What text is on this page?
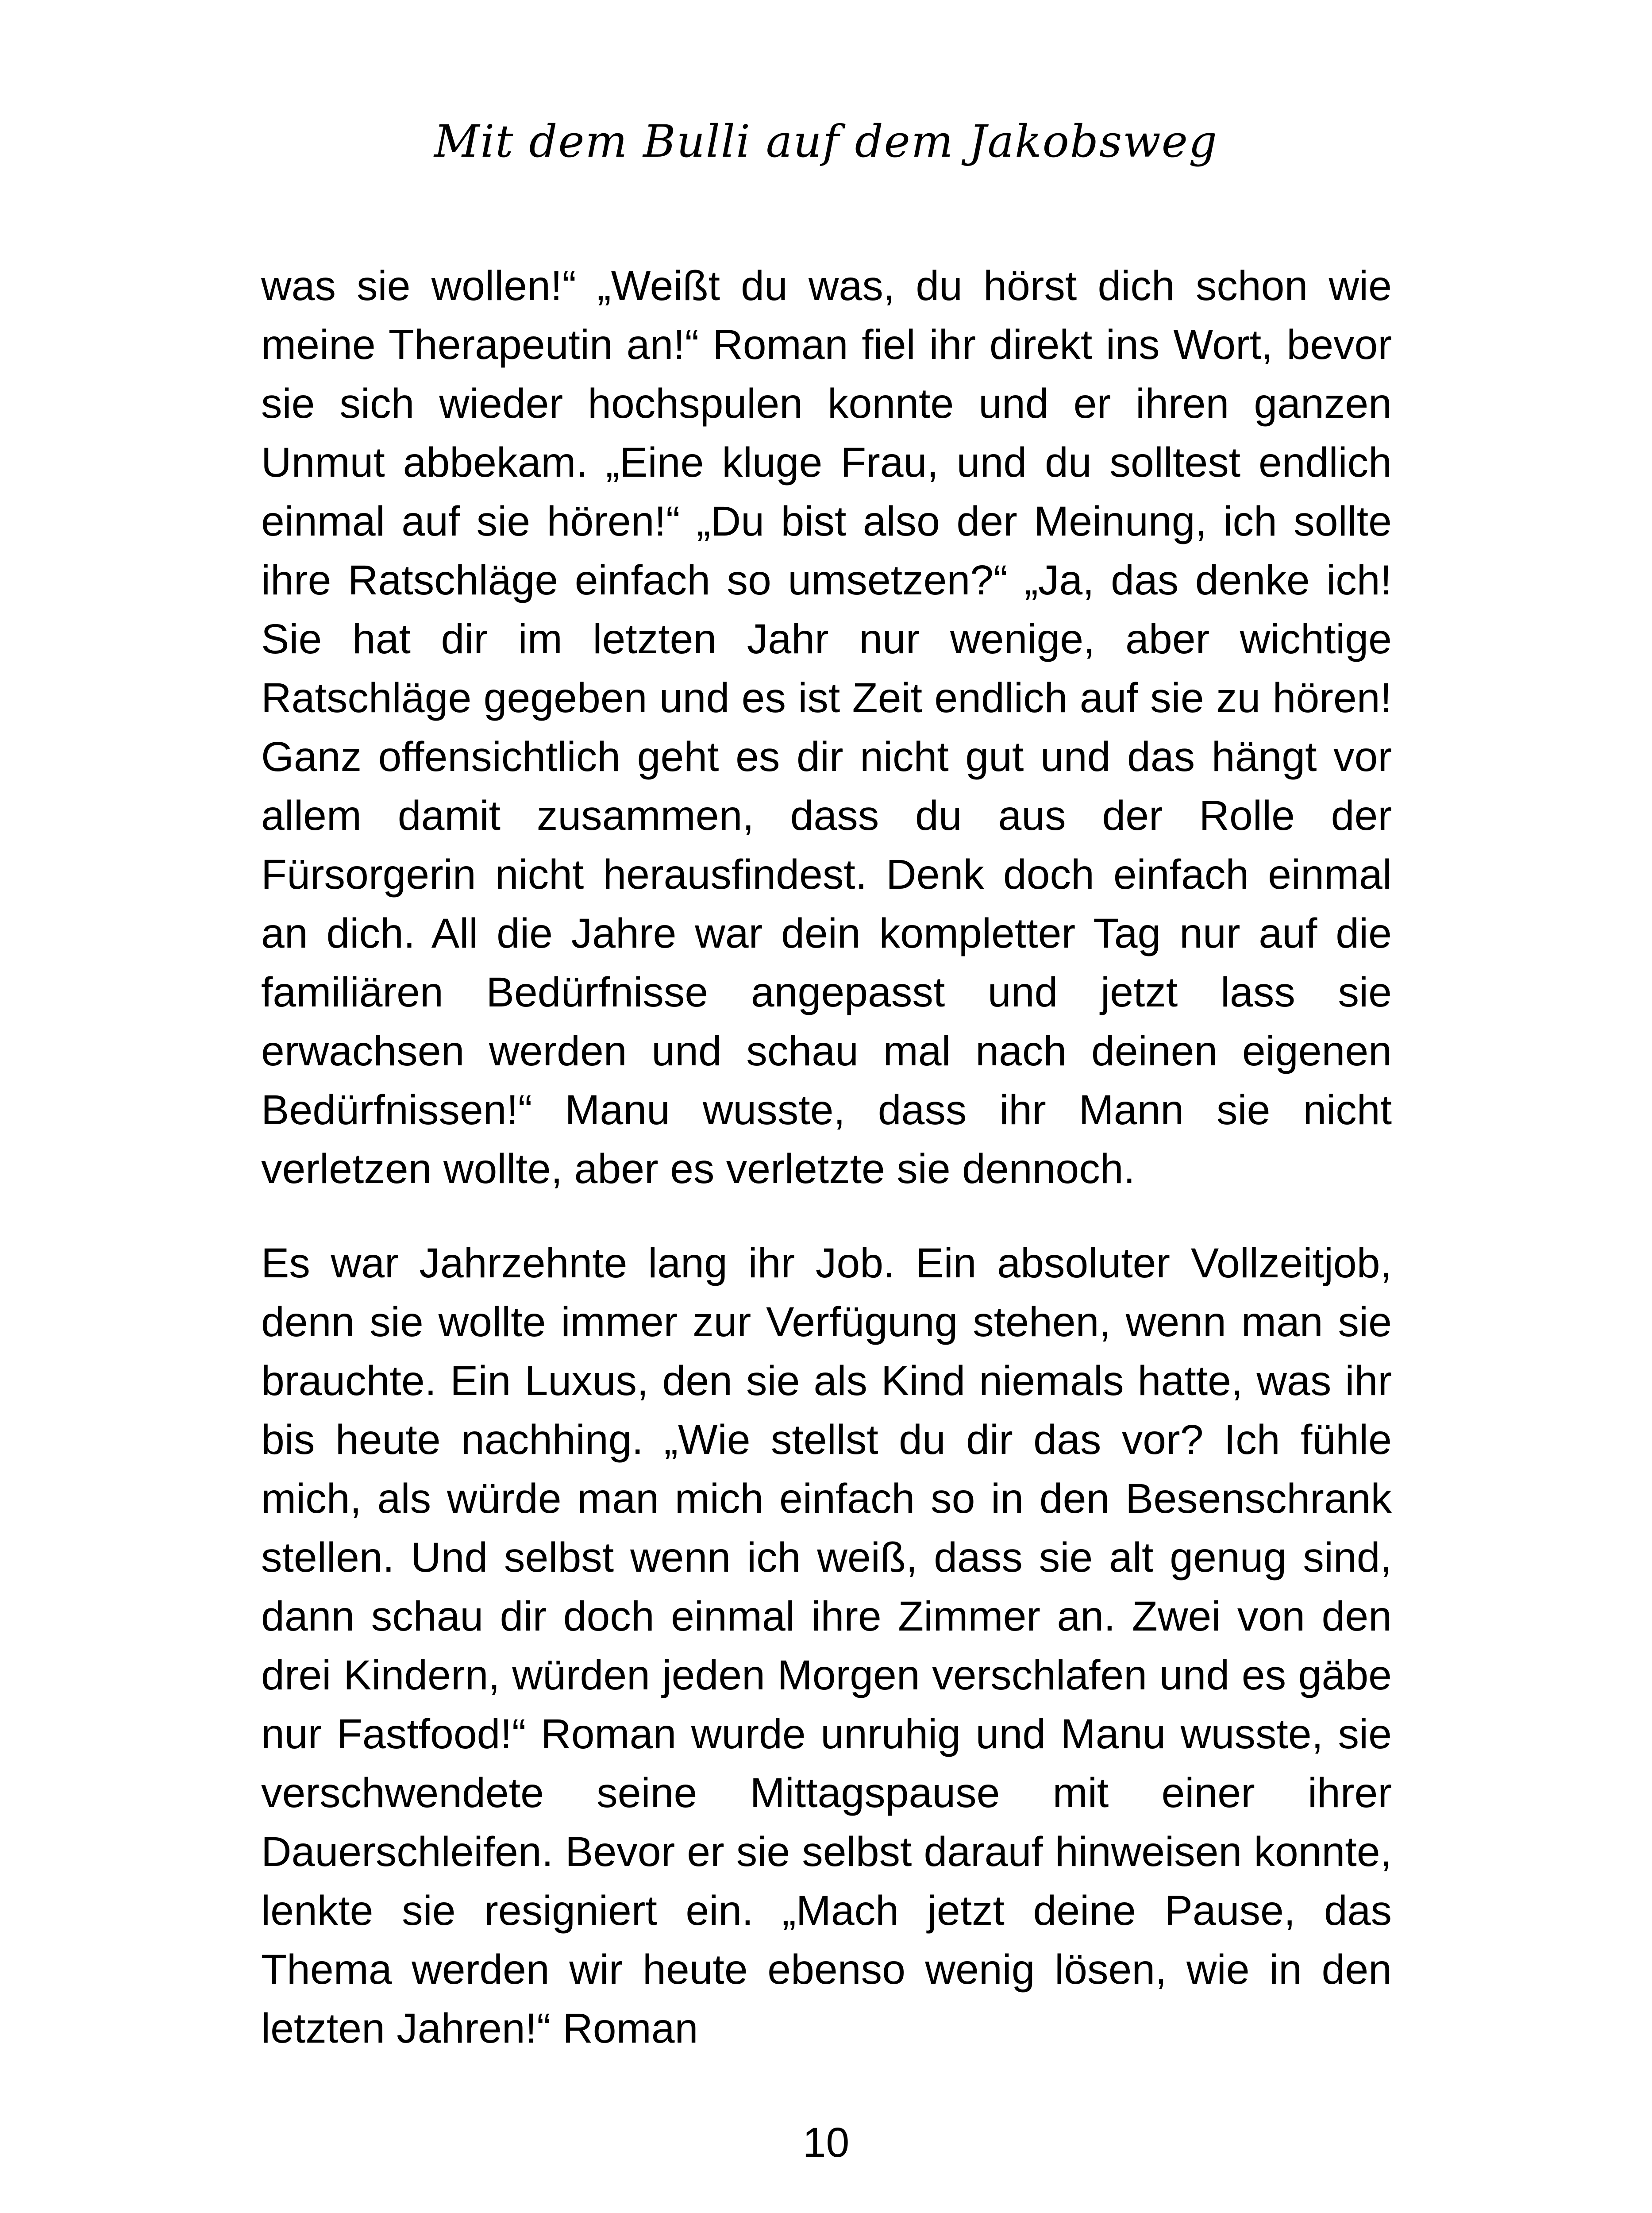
Mit dem Bulli auf dem Jakobsweg

was sie wollen!“ „Weißt du was, du hörst dich schon wie meine Therapeutin an!“ Roman fiel ihr direkt ins Wort, bevor sie sich wieder hochspulen konnte und er ihren ganzen Unmut abbekam. „Eine kluge Frau, und du solltest endlich einmal auf sie hören!“ „Du bist also der Meinung, ich sollte ihre Ratschläge einfach so umsetzen?“ „Ja, das denke ich! Sie hat dir im letzten Jahr nur wenige, aber wichtige Ratschläge gegeben und es ist Zeit endlich auf sie zu hören! Ganz offensichtlich geht es dir nicht gut und das hängt vor allem damit zusammen, dass du aus der Rolle der Fürsorgerin nicht herausfindest. Denk doch einfach einmal an dich. All die Jahre war dein kompletter Tag nur auf die familiären Bedürfnisse angepasst und jetzt lass sie erwachsen werden und schau mal nach deinen eigenen Bedürfnissen!“ Manu wusste, dass ihr Mann sie nicht verletzen wollte, aber es verletzte sie dennoch.

Es war Jahrzehnte lang ihr Job. Ein absoluter Vollzeitjob, denn sie wollte immer zur Verfügung stehen, wenn man sie brauchte. Ein Luxus, den sie als Kind niemals hatte, was ihr bis heute nachhing. „Wie stellst du dir das vor? Ich fühle mich, als würde man mich einfach so in den Besenschrank stellen. Und selbst wenn ich weiß, dass sie alt genug sind, dann schau dir doch einmal ihre Zimmer an. Zwei von den drei Kindern, würden jeden Morgen verschlafen und es gäbe nur Fastfood!“ Roman wurde unruhig und Manu wusste, sie verschwendete seine Mittagspause mit einer ihrer Dauerschleifen. Bevor er sie selbst darauf hinweisen konnte, lenkte sie resigniert ein. „Mach jetzt deine Pause, das Thema werden wir heute ebenso wenig lösen, wie in den letzten Jahren!“ Roman

10
